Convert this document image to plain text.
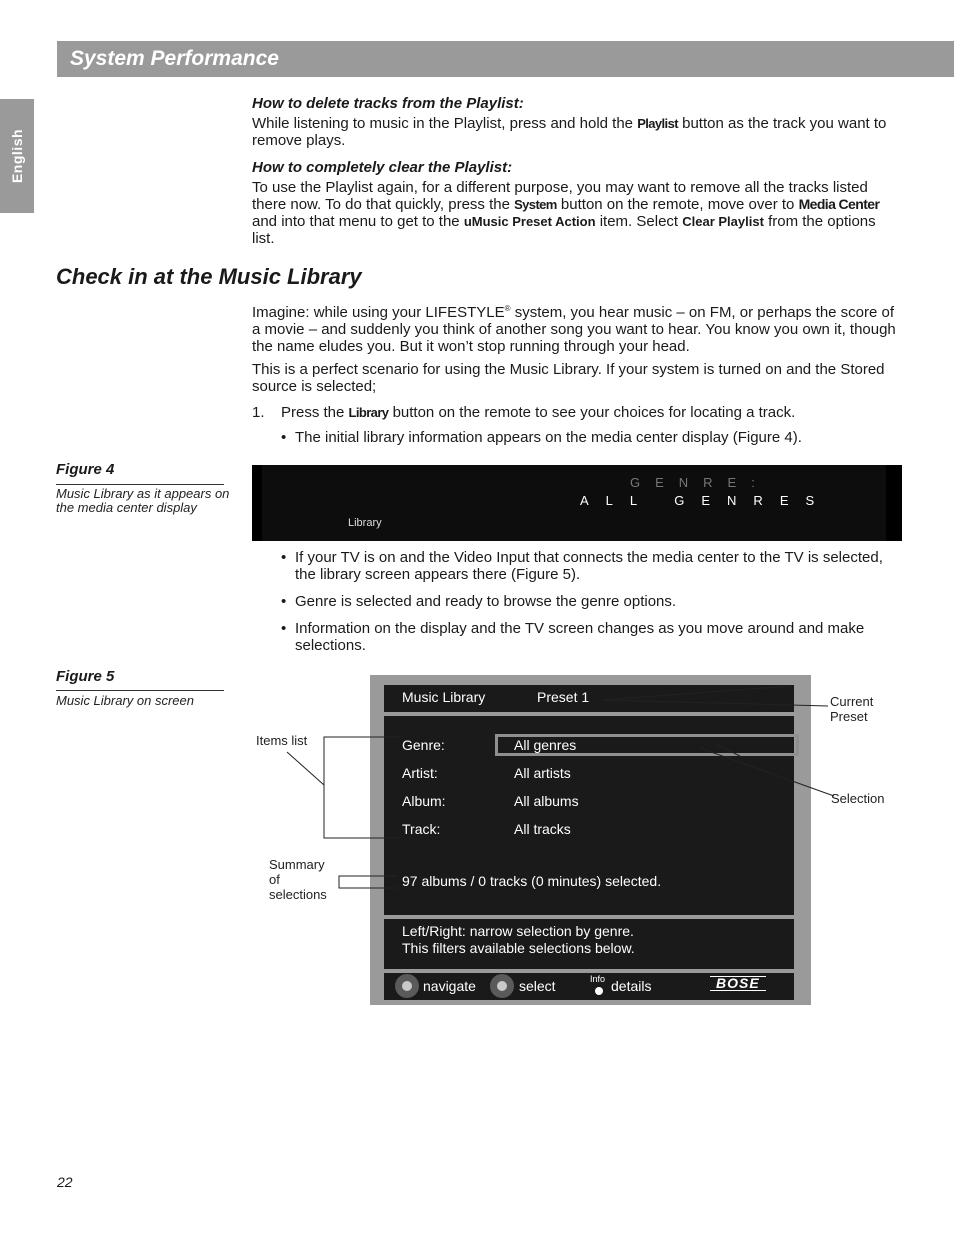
System Performance
English
How to delete tracks from the Playlist:
While listening to music in the Playlist, press and hold the Playlist button as the track you want to remove plays.
How to completely clear the Playlist:
To use the Playlist again, for a different purpose, you may want to remove all the tracks listed there now. To do that quickly, press the System button on the remote, move over to Media Center and into that menu to get to the uMusic Preset Action item. Select Clear Playlist from the options list.
Check in at the Music Library
Imagine: while using your LIFESTYLE® system, you hear music – on FM, or perhaps the score of a movie – and suddenly you think of another song you want to hear. You know you own it, though the name eludes you. But it won’t stop running through your head.
This is a perfect scenario for using the Music Library. If your system is turned on and the Stored source is selected;
1. Press the Library button on the remote to see your choices for locating a track.
• The initial library information appears on the media center display (Figure 4).
Figure 4
Music Library as it appears on the media center display
GENRE:
ALL GENRES
Library
• If your TV is on and the Video Input that connects the media center to the TV is selected, the library screen appears there (Figure 5).
• Genre is selected and ready to browse the genre options.
• Information on the display and the TV screen changes as you move around and make selections.
Figure 5
Music Library on screen	Music Library	Preset 1
Genre:	All genres
Artist:	All artists
Album:	All albums
Track:	All tracks
97 albums / 0 tracks (0 minutes) selected.
Left/Right: narrow selection by genre.
This filters available selections below.
navigate	select	Info details	BOSE
Items list
Summary
of
selections
Current
Preset
Selection
22
